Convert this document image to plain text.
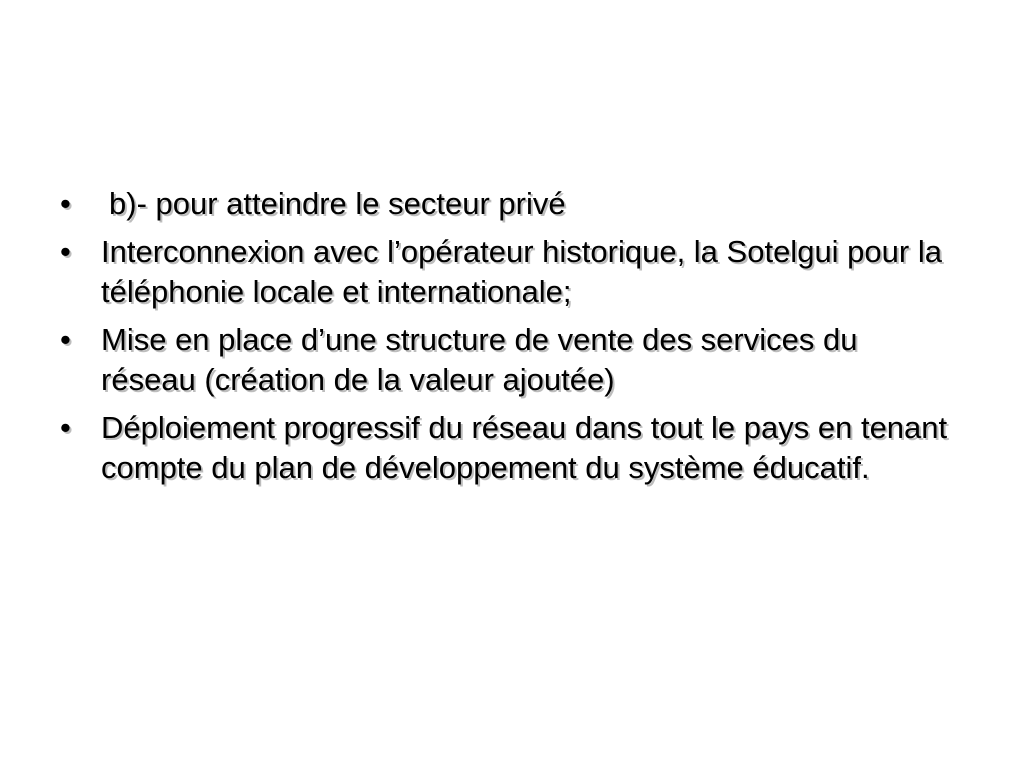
• b)- pour atteindre le secteur privé
• Interconnexion avec l’opérateur historique, la Sotelgui pour la téléphonie locale et internationale;
• Mise en place d’une structure de vente des services du réseau (création de la valeur ajoutée)
• Déploiement progressif du réseau dans tout le pays en tenant compte du plan de développement du système éducatif.
